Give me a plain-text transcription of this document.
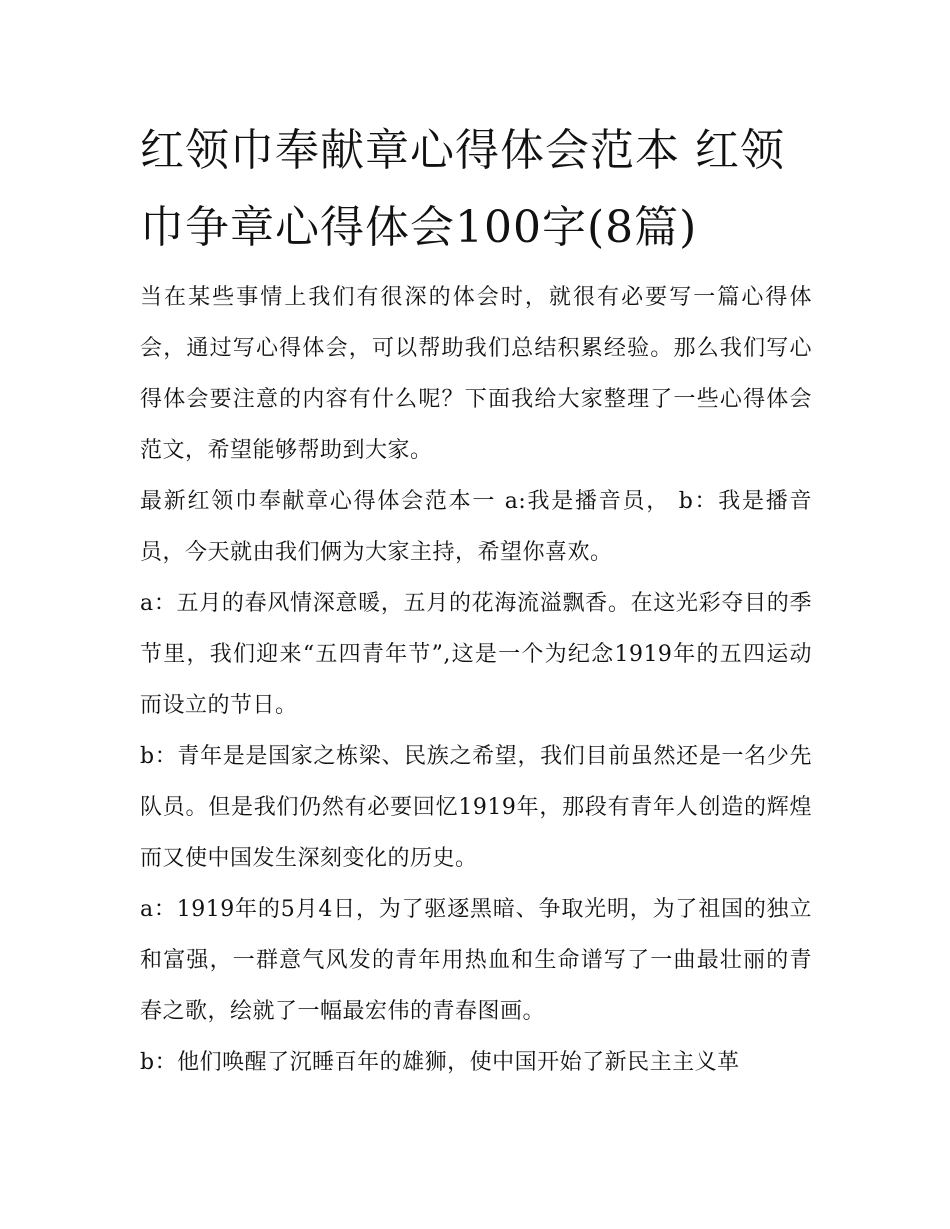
红领巾奉献章心得体会范本 红领巾争章心得体会100字(8篇)

当在某些事情上我们有很深的体会时，就很有必要写一篇心得体会，通过写心得体会，可以帮助我们总结积累经验。那么我们写心得体会要注意的内容有什么呢？下面我给大家整理了一些心得体会范文，希望能够帮助到大家。

最新红领巾奉献章心得体会范本一 a:我是播音员， b：我是播音员，今天就由我们俩为大家主持，希望你喜欢。

a：五月的春风情深意暖，五月的花海流溢飘香。在这光彩夺目的季节里，我们迎来“五四青年节”,这是一个为纪念1919年的五四运动而设立的节日。

b：青年是是国家之栋梁、民族之希望，我们目前虽然还是一名少先队员。但是我们仍然有必要回忆1919年，那段有青年人创造的辉煌而又使中国发生深刻变化的历史。

a：1919年的5月4日，为了驱逐黑暗、争取光明，为了祖国的独立和富强，一群意气风发的青年用热血和生命谱写了一曲最壮丽的青春之歌，绘就了一幅最宏伟的青春图画。

b：他们唤醒了沉睡百年的雄狮，使中国开始了新民主主义革
